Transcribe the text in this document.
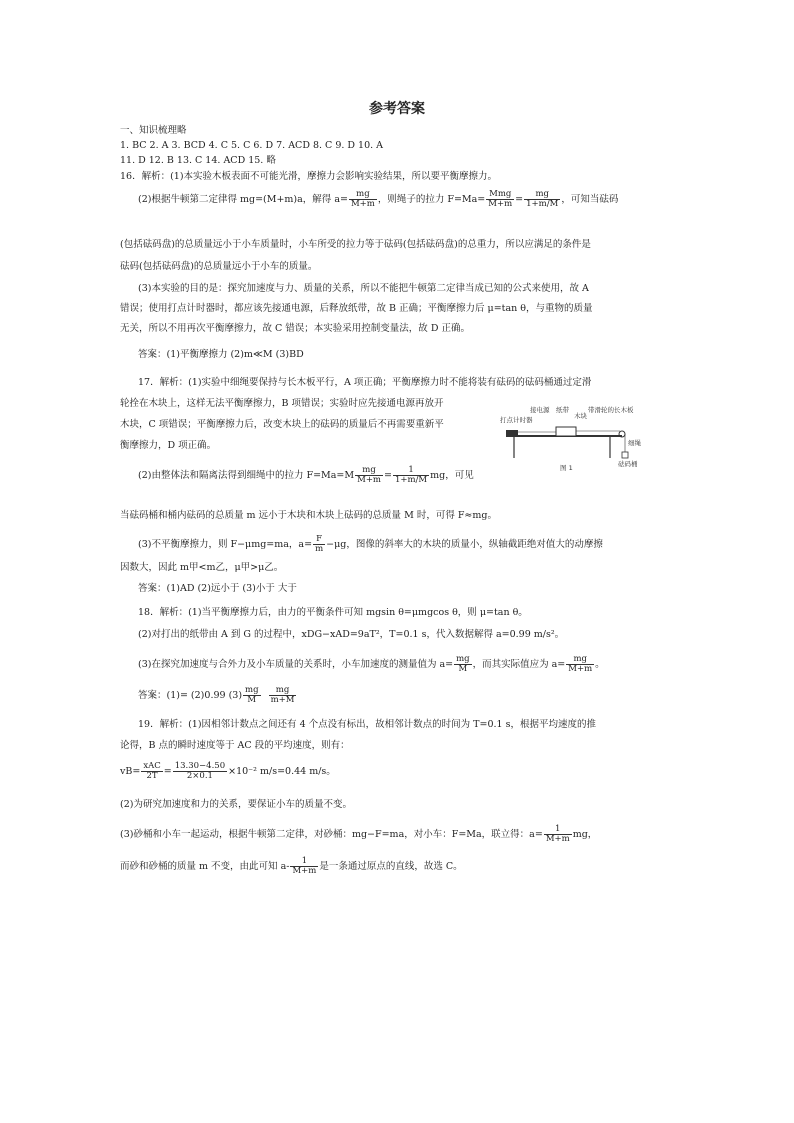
参考答案
一、知识梳理略
1. BC 2. A 3. BCD 4. C 5. C 6. D 7. ACD 8. C 9. D 10. A
11. D 12. B 13. C 14. ACD 15. 略
16．解析：(1)本实验木板表面不可能光滑，摩擦力会影响实验结果，所以要平衡摩擦力。
(2)根据牛顿第二定律得 mg=(M+m)a，解得 $a= \frac{mg}{M+m}$ ，则绳子的拉力 $F=Ma= \frac{\text{Mmg}}{M+m} = \frac{mg}{1+m/M}$ ，可知当砝码
(包括砝码盘)的总质量远小于小车质量时，小车所受的拉力等于砝码(包括砝码盘)的总重力，所以应满足的条件是
砝码(包括砝码盘)的总质量远小于小车的质量。
(3)本实验的目的是：探究加速度与力、质量的关系，所以不能把牛顿第二定律当成已知的公式来使用，故 A
错误；使用打点计时器时，都应该先接通电源，后释放纸带，故 B 正确；平衡摩擦力后 μ=tan θ，与重物的质量
无关，所以不用再次平衡摩擦力，故 C 错误；本实验采用控制变量法，故 D 正确。
答案：(1)平衡摩擦力 (2)m≪M (3)BD
17．解析：(1)实验中细绳要保持与长木板平行，A 项正确；平衡摩擦力时不能将装有砝码的砝码桶通过定滑
轮拴在木块上，这样无法平衡摩擦力，B 项错误；实验时应先接通电源再放开
木块，C 项错误；平衡摩擦力后，改变木块上的砝码的质量后不再需要重新平
衡摩擦力，D 项正确。
(2)由整体法和隔离法得到细绳中的拉力 $F=Ma=M \frac{mg}{M+m} = \frac{1}{1+m/M}$ mg，可见
当砝码桶和桶内砝码的总质量 m 远小于木块和木块上砝码的总质量 M 时，可得 F≈mg。
(3)不平衡摩擦力，则 F−μmg=ma，$a= \frac{F}{m} -\mu g$，图像的斜率大的木块的质量小，纵轴截距绝对值大的动摩擦
因数大，因此 m甲<m乙，μ甲>μ乙。
答案：(1)AD (2)远小于 (3)小于 大于
接电源 纸带
木块
带滑轮的长木板
打点计时器
细绳
砝码桶
图 1
18．解析：(1)当平衡摩擦力后，由力的平衡条件可知 mgsin θ=μmgcos θ，则 μ=tan θ。
(2)对打出的纸带由 A 到 G 的过程中，xDG−xAD=9aT²，T=0.1 s，代入数据解得 a=0.99 m/s²。
(3)在探究加速度与合外力及小车质量的关系时，小车加速度的测量值为 $a= \frac{mg}{M}$ ，而其实际值应为 $a= \frac{mg}{M+m}$ 。
答案：(1)= (2)0.99 $(3) \frac{mg}{M}$
$\frac{mg}{m+M}$
19．解析：(1)因相邻计数点之间还有 4 个点没有标出，故相邻计数点的时间为 T=0.1 s，根据平均速度的推
论得，B 点的瞬时速度等于 AC 段的平均速度，则有：
$vB= \frac{\text{xAC}}{2T} = \frac{13.30-4.50}{2\times 0.1} \times 10^{-2}$ m/s=0.44 m/s。
(2)为研究加速度和力的关系，要保证小车的质量不变。
(3)砂桶和小车一起运动，根据牛顿第二定律，对砂桶：mg−F=ma，对小车：F=Ma，联立得：$a= \frac{1}{M+m}$ mg，
而砂和砂桶的质量 m 不变，由此可知 $a- \frac{1}{M+m}$ 是一条通过原点的直线，故选 C。
